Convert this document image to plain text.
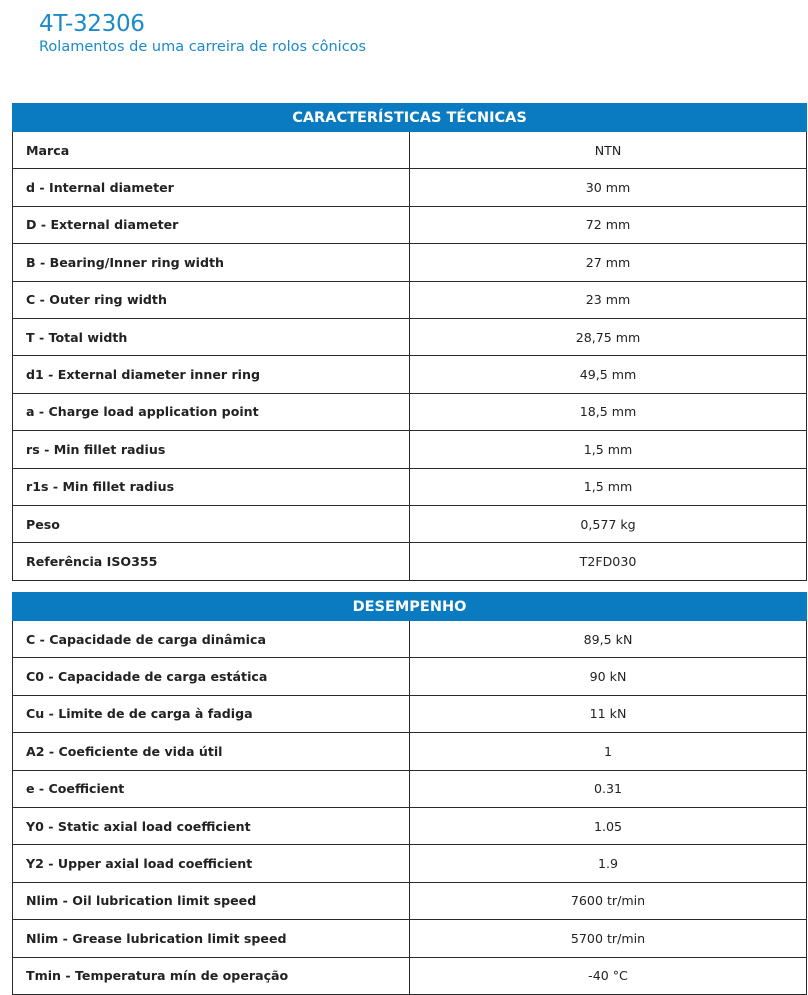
4T-32306
Rolamentos de uma carreira de rolos cônicos
CARACTERÍSTICAS TÉCNICAS	
Marca	NTN
d - Internal diameter	30 mm
D - External diameter	72 mm
B - Bearing/Inner ring width	27 mm
C - Outer ring width	23 mm
T - Total width	28,75 mm
d1 - External diameter inner ring	49,5 mm
a - Charge load application point	18,5 mm
rs - Min fillet radius	1,5 mm
r1s - Min fillet radius	1,5 mm
Peso	0,577 kg
Referência ISO355	T2FD030
DESEMPENHO	
C - Capacidade de carga dinâmica	89,5 kN
C0 - Capacidade de carga estática	90 kN
Cu - Limite de de carga à fadiga	11 kN
A2 - Coeficiente de vida útil	1
e - Coefficient	0.31
Y0 - Static axial load coefficient	1.05
Y2 - Upper axial load coefficient	1.9
Nlim - Oil lubrication limit speed	7600 tr/min
Nlim - Grease lubrication limit speed	5700 tr/min
Tmin - Temperatura mín de operação	-40 °C
